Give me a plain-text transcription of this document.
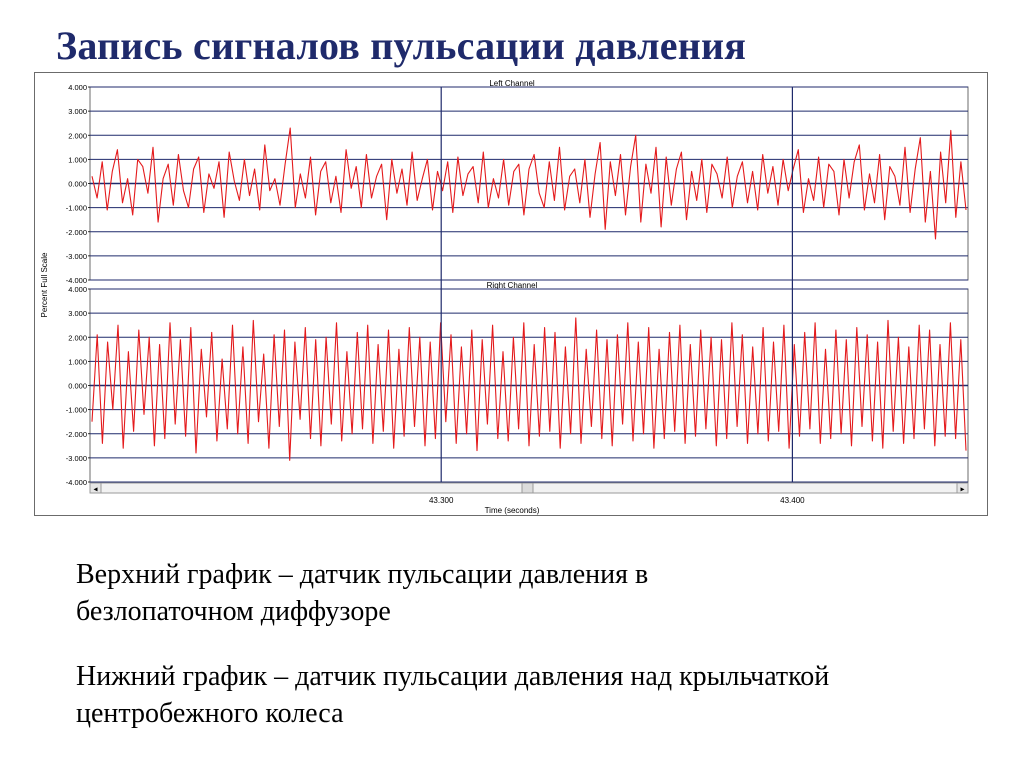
Запись сигналов пульсации давления
Left Channel
Right Channel
Percent Full Scale
4.000
3.000
2.000
1.000
0.000
-1.000
-2.000
-3.000
-4.000
4.000
3.000
2.000
1.000
0.000
-1.000
-2.000
-3.000
-4.000
◂	▸
43.300	43.400
Time (seconds)

Верхний график – датчик пульсации давления в безлопаточном диффузоре

Нижний график – датчик пульсации давления над крыльчаткой центробежного колеса
